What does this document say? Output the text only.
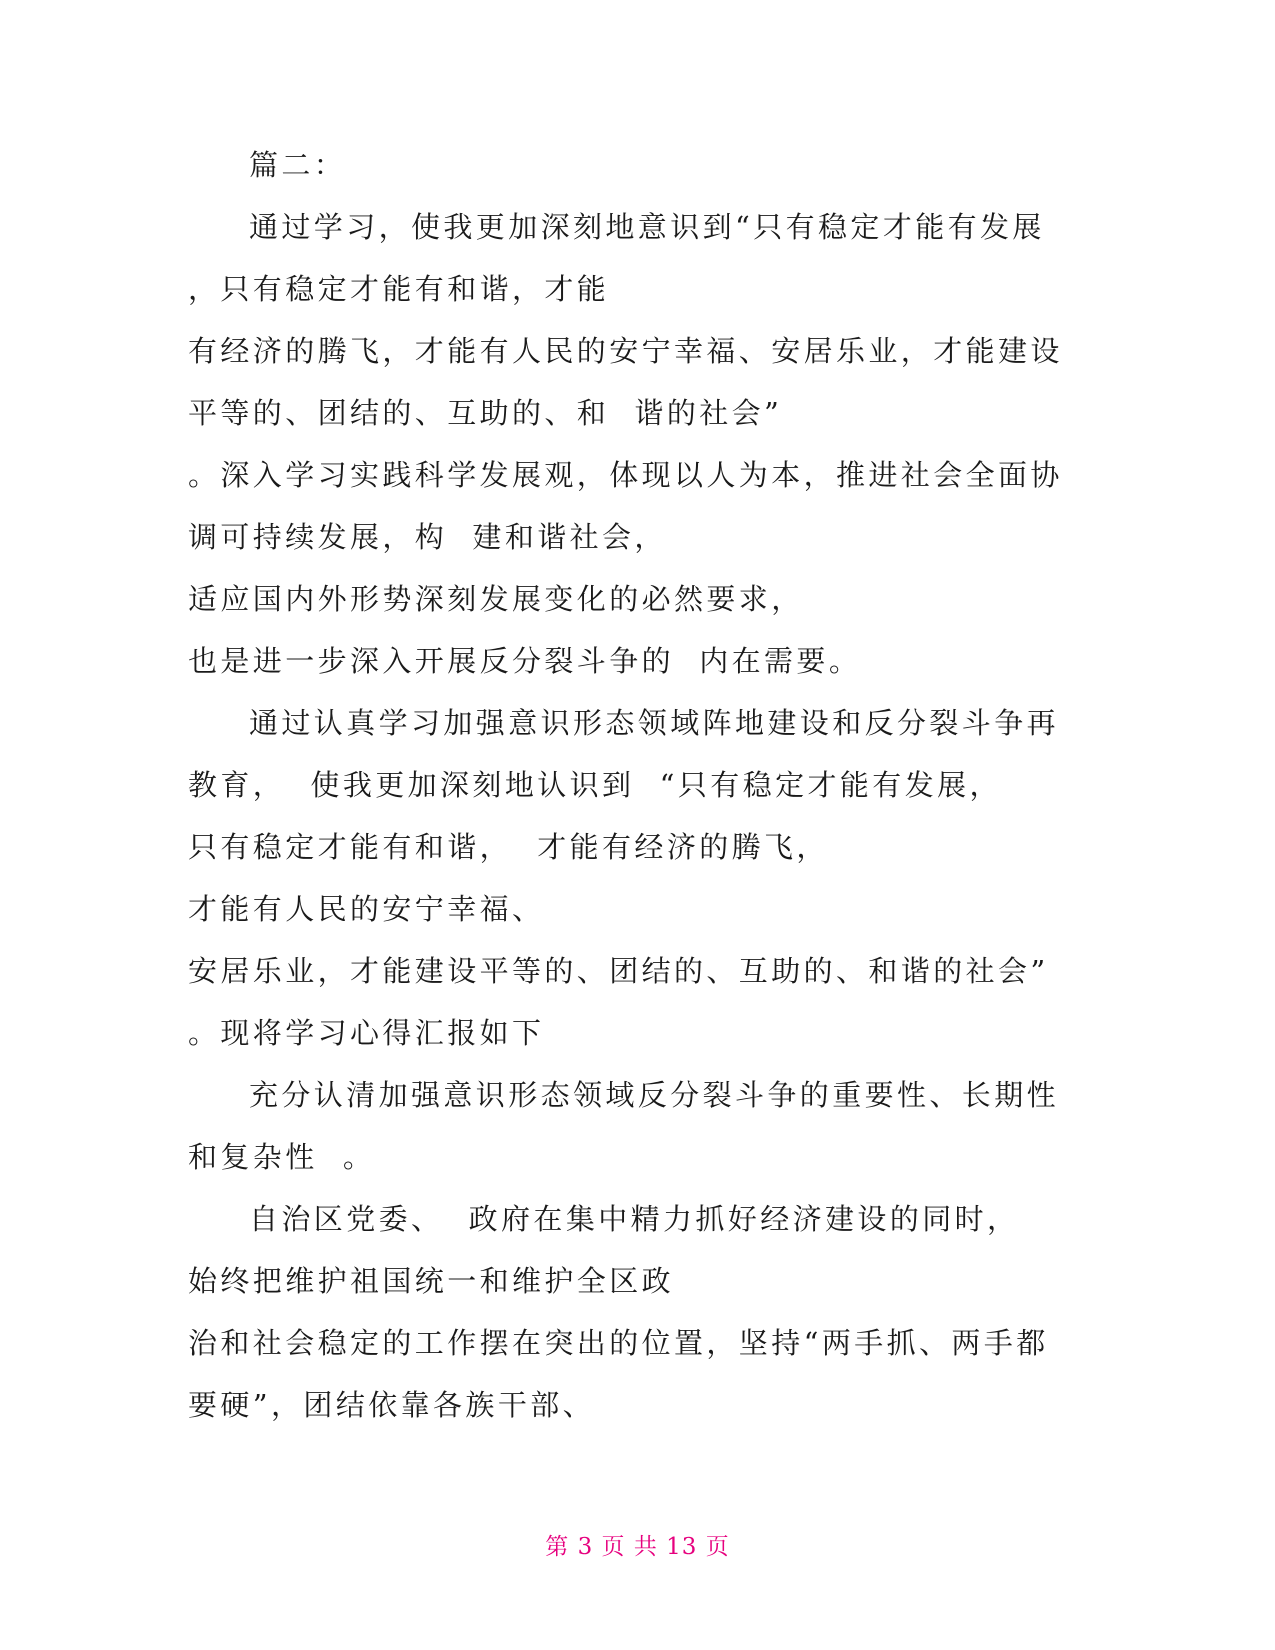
篇二：
通过学习，使我更加深刻地意识到“只有稳定才能有发展
，只有稳定才能有和谐，才能
有经济的腾飞，才能有人民的安宁幸福、安居乐业，才能建设
平等的、团结的、互助的、和  谐的社会”
。深入学习实践科学发展观，体现以人为本，推进社会全面协
调可持续发展，构  建和谐社会，
适应国内外形势深刻发展变化的必然要求，
也是进一步深入开展反分裂斗争的  内在需要。
通过认真学习加强意识形态领域阵地建设和反分裂斗争再
教育，  使我更加深刻地认识到  “只有稳定才能有发展，
只有稳定才能有和谐，  才能有经济的腾飞，
才能有人民的安宁幸福、
安居乐业，才能建设平等的、团结的、互助的、和谐的社会”
。现将学习心得汇报如下
充分认清加强意识形态领域反分裂斗争的重要性、长期性
和复杂性  。
自治区党委、  政府在集中精力抓好经济建设的同时，
始终把维护祖国统一和维护全区政
治和社会稳定的工作摆在突出的位置，坚持“两手抓、两手都
要硬”，团结依靠各族干部、
第 3 页 共 13 页
